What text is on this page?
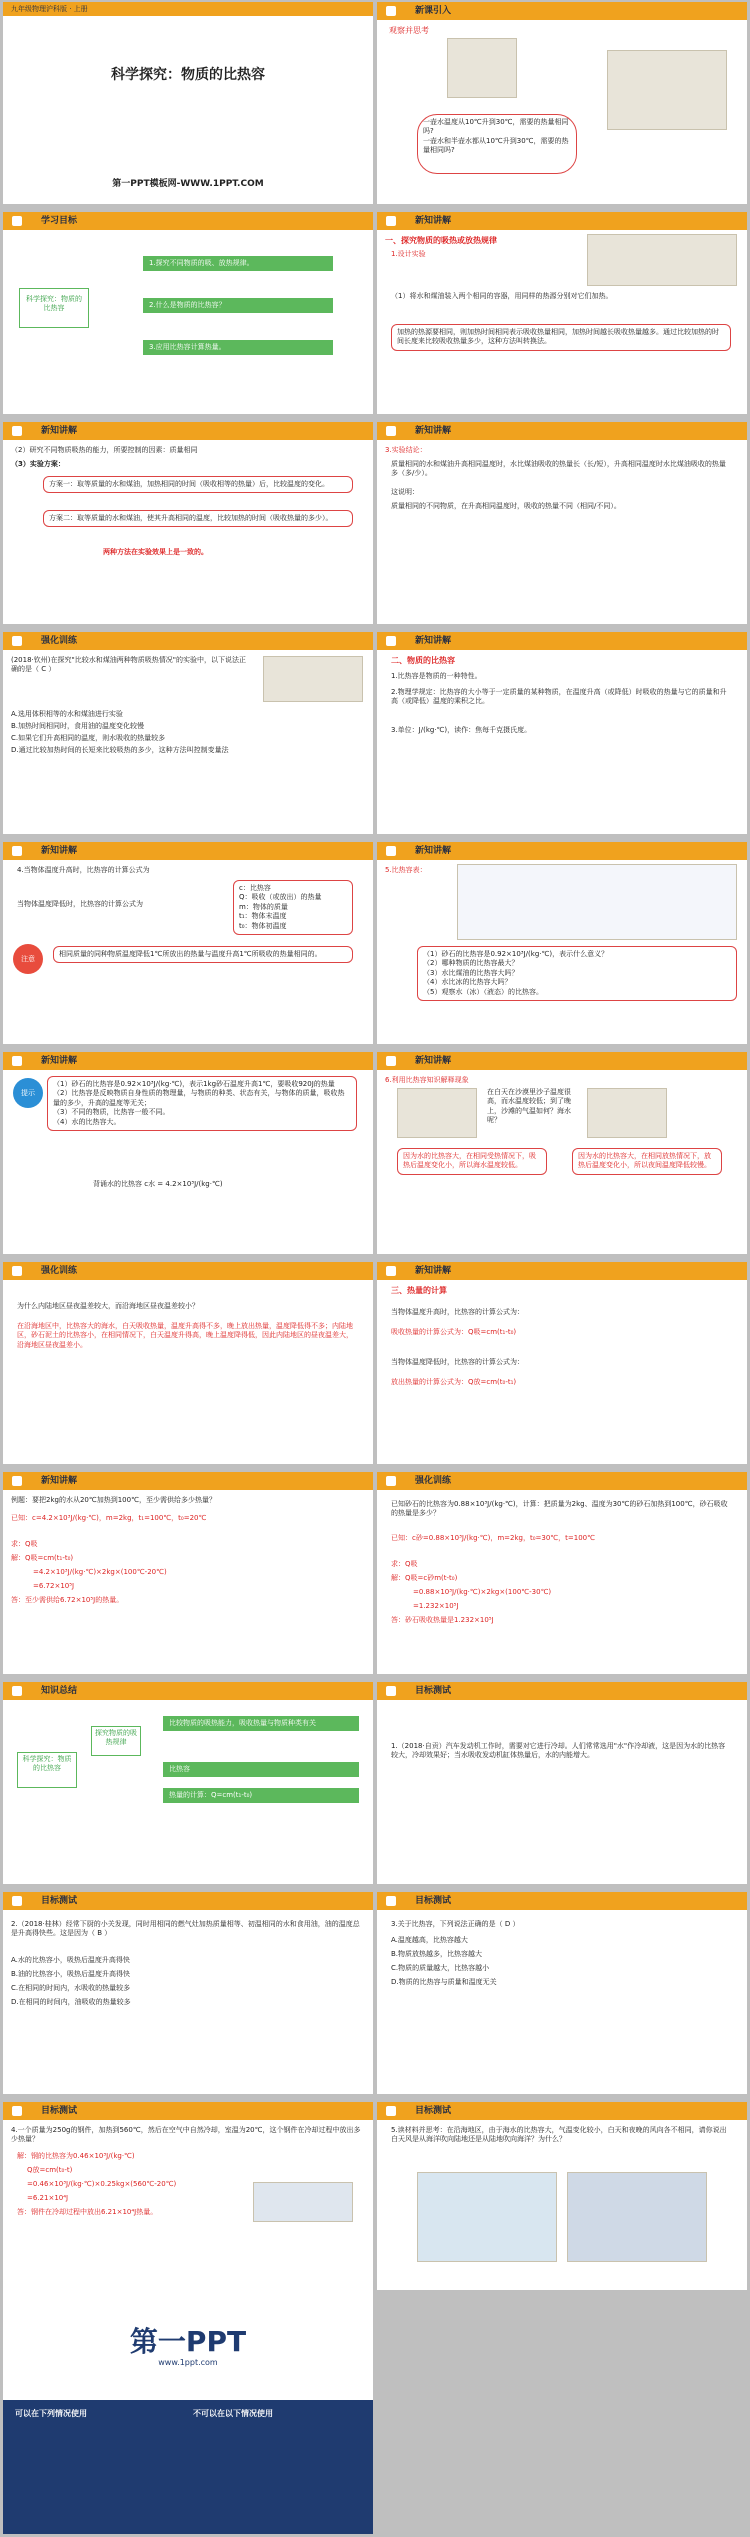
九年级物理沪科版 · 上册
科学探究：物质的比热容
第一PPT模板网-WWW.1PPT.COM
新课引入
观察并思考
一壶水温度从10℃升到30℃，需要的热量相同吗?
一壶水和半壶水都从10℃升到30℃，需要的热量相同吗?
学习目标
科学探究：物质的比热容
1.探究不同物质的吸、放热规律。
2.什么是物质的比热容？
3.应用比热容计算热量。
新知讲解
一、探究物质的吸热或放热规律
1.设计实验
（1）将水和煤油装入两个相同的容器，用同样的热源分别对它们加热。
加热的热源要相同，则加热时间相同表示吸收热量相同，加热时间越长吸收热量越多。通过比较加热的时间长度来比较吸收热量多少，这种方法叫转换法。
新知讲解
（2）研究不同物质吸热的能力，所要控制的因素：质量相同
（3）实验方案：
方案一：取等质量的水和煤油，加热相同的时间（吸收相等的热量）后，比较温度的变化。
方案二：取等质量的水和煤油，使其升高相同的温度，比较加热的时间（吸收热量的多少）。
两种方法在实验效果上是一致的。
新知讲解
3.实验结论：
质量相同的水和煤油升高相同温度时，水比煤油吸收的热量长（长/短），升高相同温度时水比煤油吸收的热量多（多/少）。
这说明：
质量相同的不同物质，在升高相同温度时，吸收的热量不同（相同/不同）。
强化训练
(2018·钦州)在探究"比较水和煤油两种物质吸热情况"的实验中，以下说法正确的是（ C ）
A.选用体积相等的水和煤油进行实验
B.加热时间相同时，食用油的温度变化较慢
C.如果它们升高相同的温度，则水吸收的热量较多
D.通过比较加热时间的长短来比较吸热的多少，这种方法叫控制变量法
新知讲解
二、物质的比热容
1.比热容是物质的一种特性。
2.物理学规定：比热容的大小等于一定质量的某种物质，在温度升高（或降低）时吸收的热量与它的质量和升高（或降低）温度的乘积之比。
3.单位：J/(kg·℃)，读作：焦每千克摄氏度。
新知讲解
4.当物体温度升高时，比热容的计算公式为
当物体温度降低时，比热容的计算公式为
c：比热容
Q：吸收（或放出）的热量
m：物体的质量
t₁：物体末温度
t₀：物体初温度
注意
相同质量的同种物质温度降低1℃所放出的热量与温度升高1℃所吸收的热量相同的。
新知讲解
5.比热容表：
（1）砂石的比热容是0.92×10³J/(kg·℃)，表示什么意义？
（2）哪种物质的比热容最大？
（3）水比煤油的比热容大吗？
（4）水比冰的比热容大吗？
（5）观察水（冰）（液态）的比热容。
新知讲解
提示
（1）砂石的比热容是0.92×10³J/(kg·℃)，表示1kg砂石温度升高1℃，要吸收920J的热量
（2）比热容是反映物质自身性质的物理量，与物质的种类、状态有关，与物体的质量，吸收热量的多少，升高的温度等无关；
（3）不同的物质，比热容一般不同。
（4）水的比热容大。
背诵水的比热容 c水 = 4.2×10³J/(kg·℃)
新知讲解
6.利用比热容知识解释现象
在白天在沙漠里沙子温度很高，而水温度较低；到了晚上，沙滩的气温如何？海水呢？
因为水的比热容大，在相同受热情况下，吸热后温度变化小，所以海水温度较低。
因为水的比热容大，在相同放热情况下，放热后温度变化小，所以夜间温度降低较慢。
强化训练
为什么内陆地区昼夜温差较大，而沿海地区昼夜温差较小？
在沿海地区中，比热容大的海水，白天吸收热量，温度升高得不多，晚上放出热量，温度降低得不多；内陆地区，砂石泥土的比热容小，在相同情况下，白天温度升得高，晚上温度降得低，因此内陆地区的昼夜温差大，沿海地区昼夜温差小。
新知讲解
三、热量的计算
当物体温度升高时，比热容的计算公式为：
吸收热量的计算公式为：Q吸=cm(t₁-t₀)
当物体温度降低时，比热容的计算公式为：
放出热量的计算公式为：Q放=cm(t₀-t₁)
新知讲解
例题：要把2kg的水从20℃加热到100℃，至少需供给多少热量？
已知：c=4.2×10³J/(kg·℃)，m=2kg，t₁=100℃，t₀=20℃
求：Q吸
解：Q吸=cm(t₁-t₀)
=4.2×10³J/(kg·℃)×2kg×(100℃-20℃)
=6.72×10⁵J
答：至少需供给6.72×10⁵J的热量。
强化训练
已知砂石的比热容为0.88×10³J/(kg·℃)，计算：把质量为2kg、温度为30℃的砂石加热到100℃，砂石吸收的热量是多少？
已知：c砂=0.88×10³J/(kg·℃)，m=2kg，t₀=30℃，t=100℃
求：Q吸
解：Q吸=c砂m(t-t₀)
=0.88×10³J/(kg·℃)×2kg×(100℃-30℃)
=1.232×10⁵J
答：砂石吸收热量是1.232×10⁵J
知识总结
科学探究：物质的比热容
探究物质的吸热规律
比较物质的吸热能力，吸收热量与物质种类有关
比热容
热量的计算：Q=cm(t₁-t₀)
目标测试
1.（2018·自贡）汽车发动机工作时，需要对它进行冷却。人们常常选用"水"作冷却液，这是因为水的比热容较大，冷却效果好；当水吸收发动机缸体热量后，水的内能增大。
目标测试
2.（2018·桂林）经常下厨的小关发现，同时用相同的燃气灶加热质量相等、初温相同的水和食用油，油的温度总是升高得快些。这是因为（ B ）
A.水的比热容小，吸热后温度升高得快
B.油的比热容小，吸热后温度升高得快
C.在相同的时间内，水吸收的热量较多
D.在相同的时间内，油吸收的热量较多
目标测试
3.关于比热容，下列说法正确的是（ D ）
A.温度越高，比热容越大
B.物质放热越多，比热容越大
C.物质的质量越大，比热容越小
D.物质的比热容与质量和温度无关
目标测试
4.一个质量为250g的钢件，加热到560℃，然后在空气中自然冷却，室温为20℃，这个钢件在冷却过程中放出多少热量？
解：钢的比热容为0.46×10³J/(kg·℃)
Q放=cm(t₀-t)
=0.46×10³J/(kg·℃)×0.25kg×(560℃-20℃)
=6.21×10⁴J
答：钢件在冷却过程中放出6.21×10⁴J热量。
目标测试
5.读材料并思考：在沿海地区，由于海水的比热容大，气温变化较小，白天和夜晚的风向各不相同，请你说出白天风是从海洋吹向陆地还是从陆地吹向海洋？为什么？
第一PPT
www.1ppt.com
可以在下列情况使用	不可以在以下情况使用
